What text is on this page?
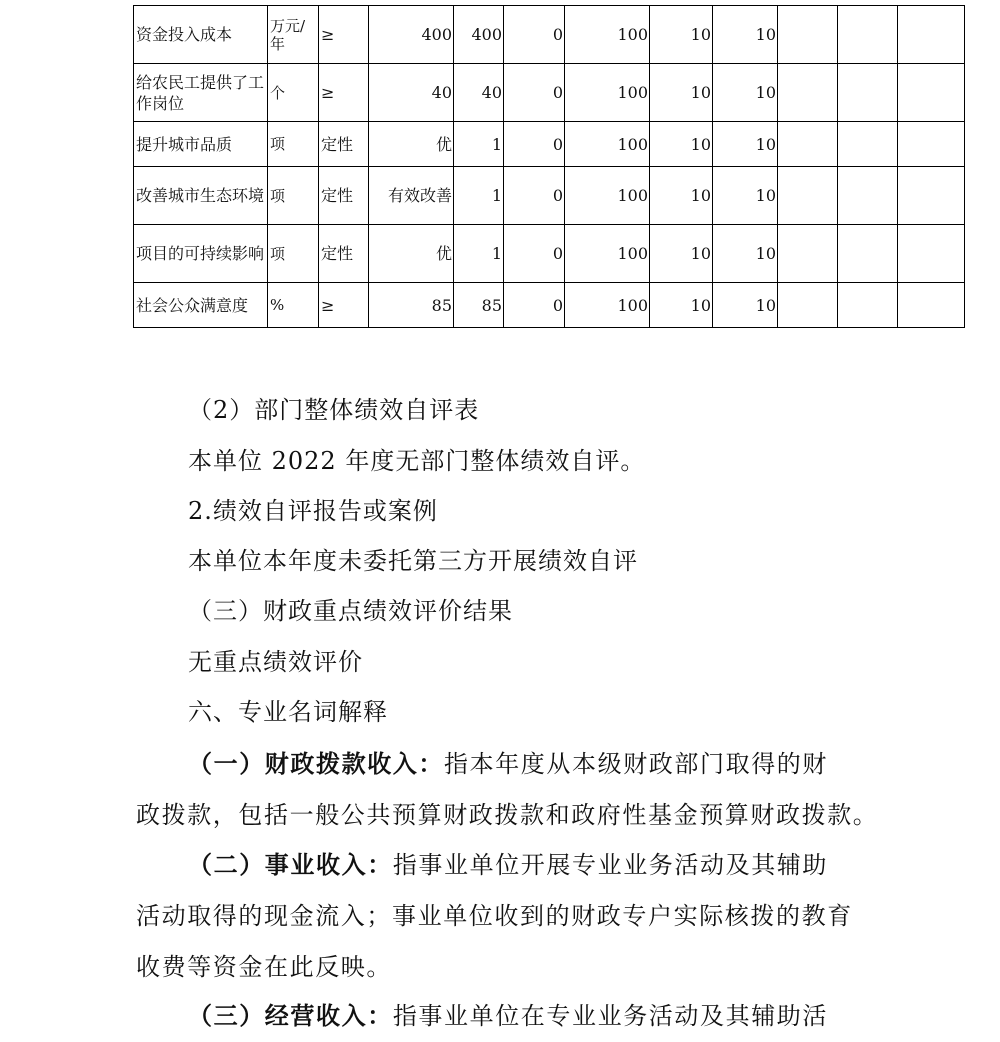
资金投入成本	万元/年	≥	400	400	0	100	10	10			
给农民工提供了工作岗位	个	≥	40	40	0	100	10	10			
提升城市品质	项	定性	优	1	0	100	10	10			
改善城市生态环境	项	定性	有效改善	1	0	100	10	10			
项目的可持续影响	项	定性	优	1	0	100	10	10			
社会公众满意度	%	≥	85	85	0	100	10	10			

（2）部门整体绩效自评表

本单位 2022 年度无部门整体绩效自评。

2.绩效自评报告或案例

本单位本年度未委托第三方开展绩效自评

（三）财政重点绩效评价结果

无重点绩效评价

六、专业名词解释

（一）财政拨款收入：指本年度从本级财政部门取得的财
政拨款，包括一般公共预算财政拨款和政府性基金预算财政拨款。
（二）事业收入：指事业单位开展专业业务活动及其辅助
活动取得的现金流入；事业单位收到的财政专户实际核拨的教育
收费等资金在此反映。
（三）经营收入：指事业单位在专业业务活动及其辅助活
